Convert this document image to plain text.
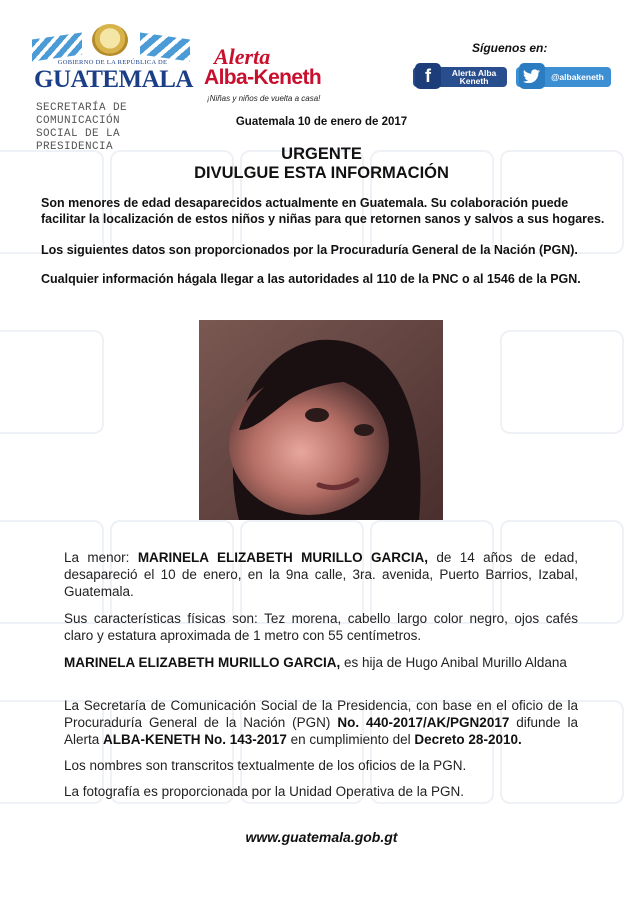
GOBIERNO DE LA REPÚBLICA DE
GUATEMALA
SECRETARÍA DE COMUNICACIÓN
SOCIAL DE LA PRESIDENCIA
Alerta
Alba-Keneth
¡Niñas y niños de vuelta a casa!
Síguenos en:
f	Alerta Alba Keneth	@albakeneth
Guatemala 10 de enero de 2017
URGENTE
DIVULGUE ESTA INFORMACIÓN
Son menores de edad desaparecidos actualmente en Guatemala. Su colaboración puede facilitar la localización de estos niños y niñas para que retornen sanos y salvos a sus hogares.
Los siguientes datos son proporcionados por la Procuraduría General de la Nación (PGN).
Cualquier información hágala llegar a las autoridades al 110 de la PNC o al 1546 de la PGN.
La menor: MARINELA ELIZABETH MURILLO GARCIA, de 14 años de edad, desapareció el 10 de enero, en la 9na calle, 3ra. avenida, Puerto Barrios, Izabal, Guatemala.
Sus características físicas son: Tez morena, cabello largo color negro, ojos cafés claro y estatura aproximada de 1 metro con 55 centímetros.
MARINELA ELIZABETH MURILLO GARCIA, es hija de Hugo Anibal Murillo Aldana
La Secretaría de Comunicación Social de la Presidencia, con base en el oficio de la Procuraduría General de la Nación (PGN) No. 440-2017/AK/PGN2017 difunde la Alerta ALBA-KENETH No. 143-2017 en cumplimiento del Decreto 28-2010.
Los nombres son transcritos textualmente de los oficios de la PGN.
La fotografía es proporcionada por la Unidad Operativa de la PGN.
www.guatemala.gob.gt
